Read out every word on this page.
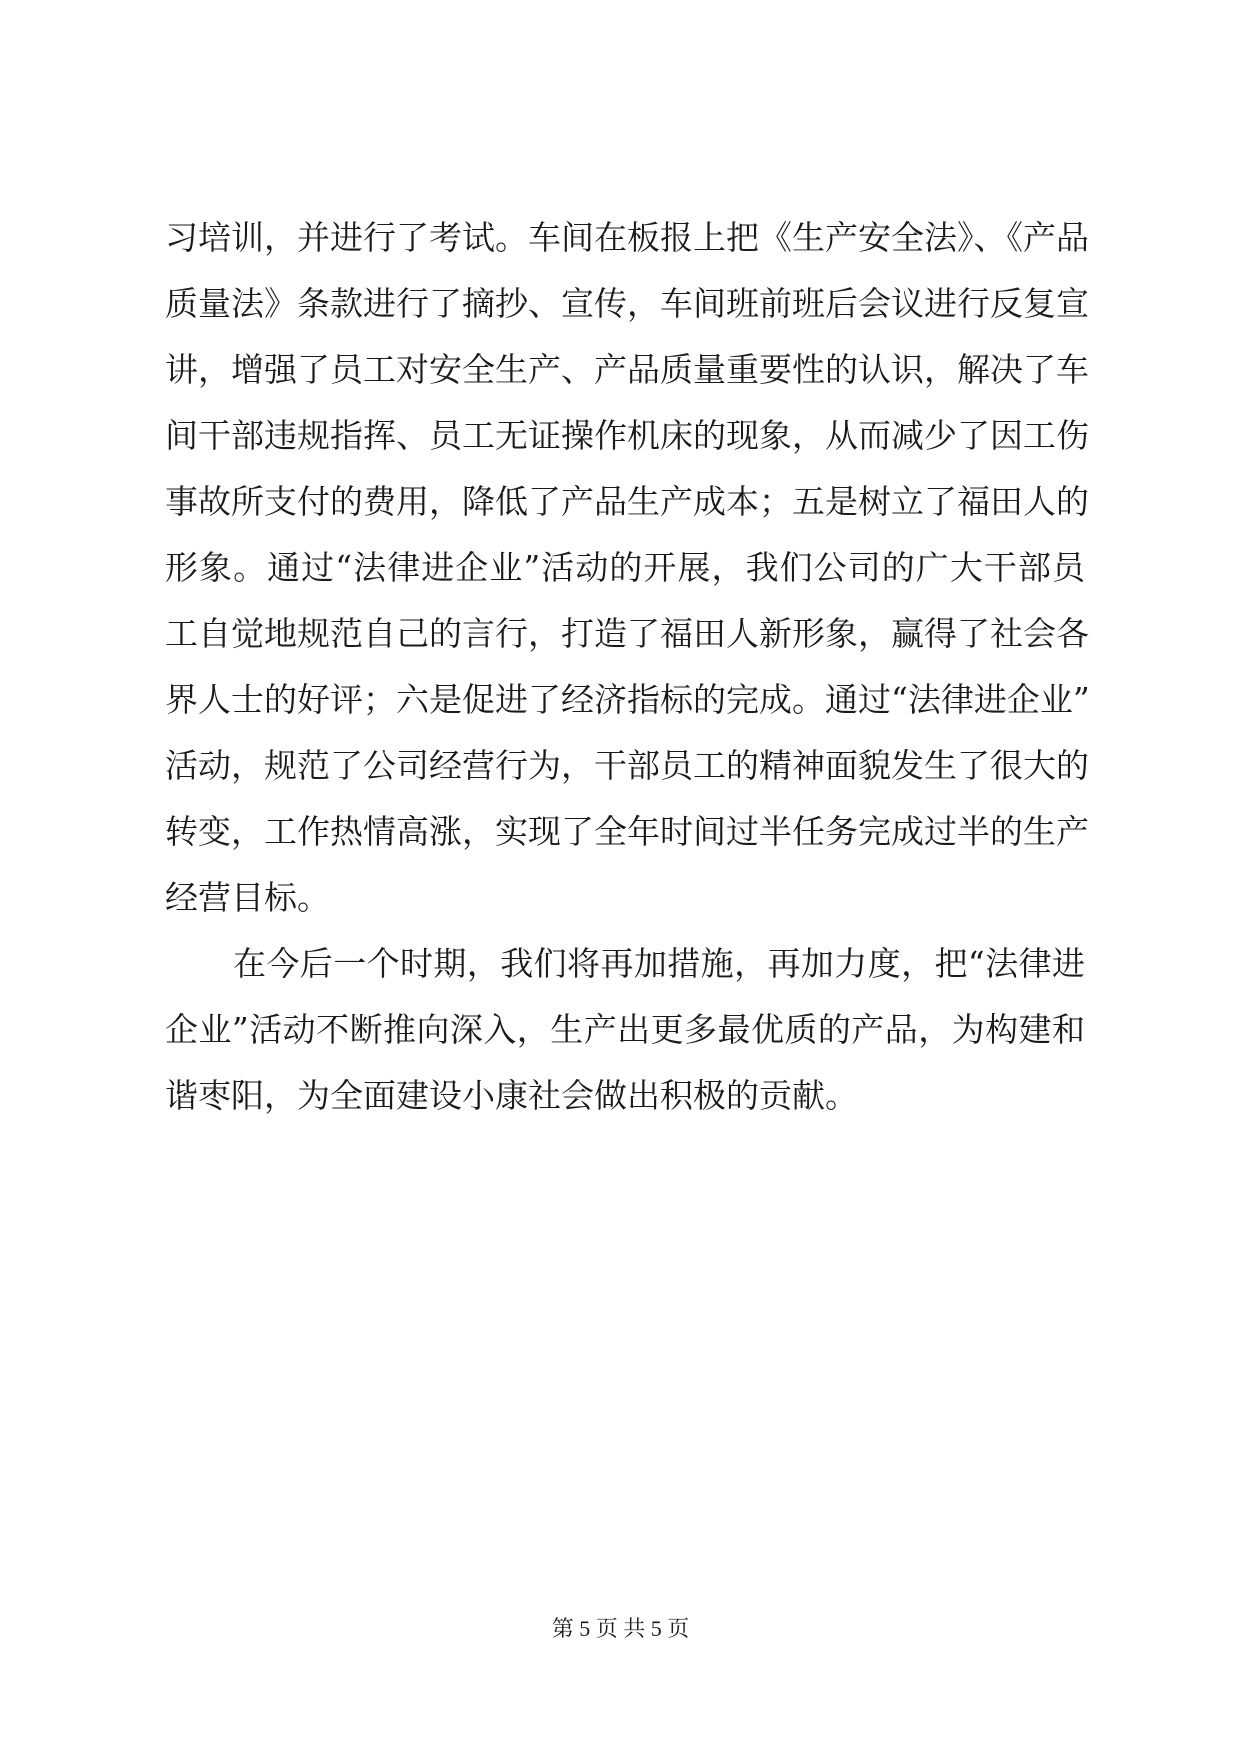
习培训，并进行了考试。车间在板报上把《生产安全法》、《产品
质量法》条款进行了摘抄、宣传，车间班前班后会议进行反复宣
讲，增强了员工对安全生产、产品质量重要性的认识，解决了车
间干部违规指挥、员工无证操作机床的现象，从而减少了因工伤
事故所支付的费用，降低了产品生产成本；五是树立了福田人的
形象。通过“法律进企业”活动的开展，我们公司的广大干部员
工自觉地规范自己的言行，打造了福田人新形象，赢得了社会各
界人士的好评；六是促进了经济指标的完成。通过“法律进企业”
活动，规范了公司经营行为，干部员工的精神面貌发生了很大的
转变，工作热情高涨，实现了全年时间过半任务完成过半的生产
经营目标。
在今后一个时期，我们将再加措施，再加力度，把“法律进
企业”活动不断推向深入，生产出更多最优质的产品，为构建和
谐枣阳，为全面建设小康社会做出积极的贡献。
第 5 页 共 5 页
